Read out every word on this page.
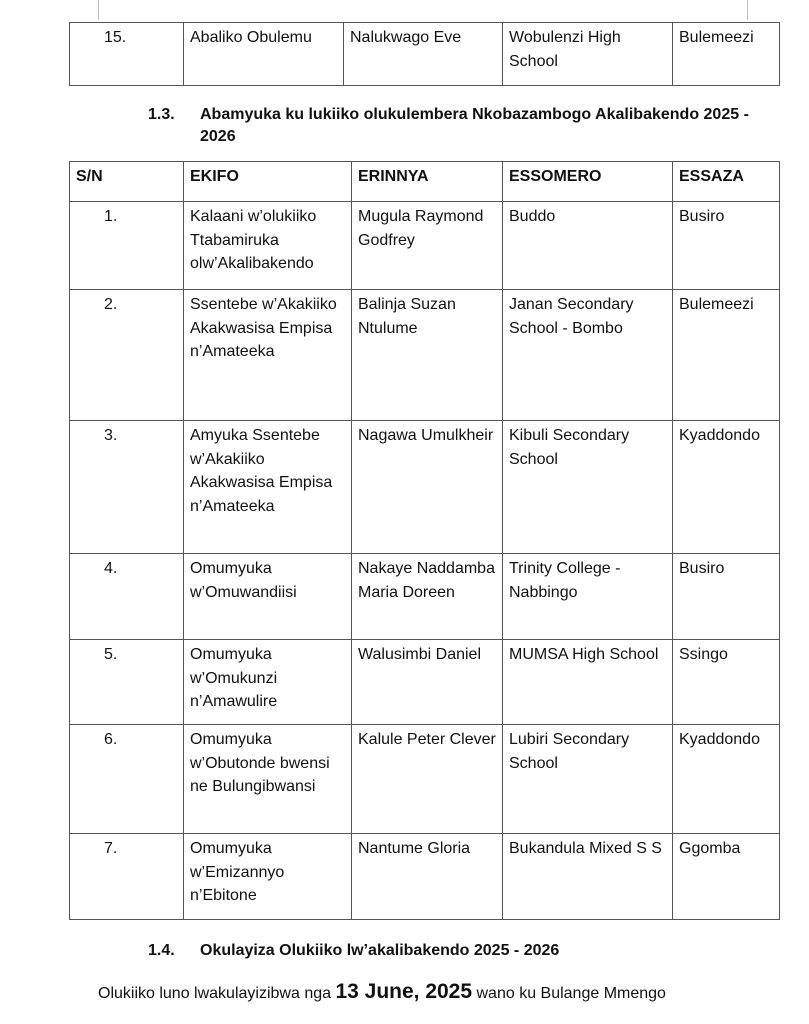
15.	Abaliko Obulemu	Nalukwago Eve	Wobulenzi High School	Bulemeezi
1.3. Abamyuka ku lukiiko olukulembera Nkobazambogo Akalibakendo 2025 - 2026
S/N	EKIFO	ERINNYA	ESSOMERO	ESSAZA
1.	Kalaani w’olukiiko Ttabamiruka olw’Akalibakendo	Mugula Raymond Godfrey	Buddo	Busiro
2.	Ssentebe w’Akakiiko Akakwasisa Empisa n’Amateeka	Balinja Suzan Ntulume	Janan Secondary School - Bombo	Bulemeezi
3.	Amyuka Ssentebe w’Akakiiko Akakwasisa Empisa n’Amateeka	Nagawa Umulkheir	Kibuli Secondary School	Kyaddondo
4.	Omumyuka w’Omuwandiisi	Nakaye Naddamba Maria Doreen	Trinity College - Nabbingo	Busiro
5.	Omumyuka w’Omukunzi n’Amawulire	Walusimbi Daniel	MUMSA High School	Ssingo
6.	Omumyuka w’Obutonde bwensi ne Bulungibwansi	Kalule Peter Clever	Lubiri Secondary School	Kyaddondo
7.	Omumyuka w’Emizannyo n’Ebitone	Nantume Gloria	Bukandula Mixed S S	Ggomba
1.4. Okulayiza Olukiiko lw’akalibakendo 2025 - 2026
Olukiiko luno lwakulayizibwa nga 13 June, 2025 wano ku Bulange Mmengo
